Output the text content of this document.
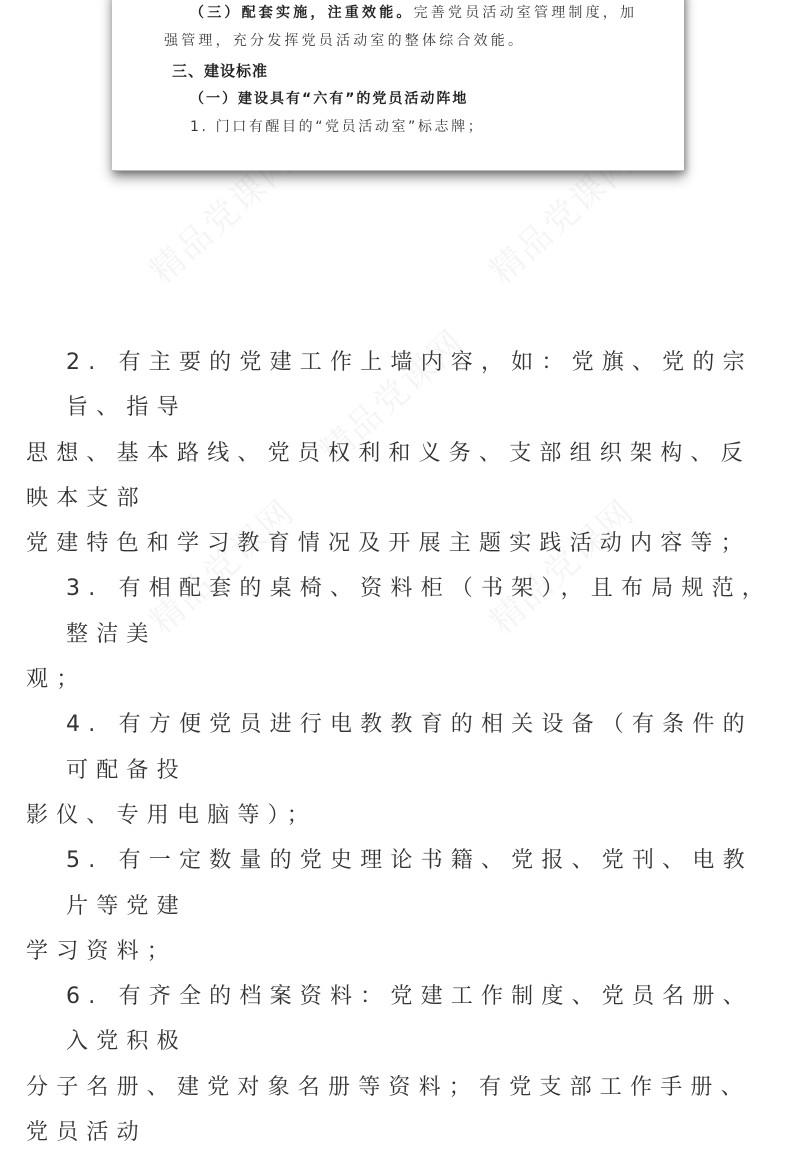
精品党课网	精品党课网
精品党课网
精品党课网	精品党课网
（三）配套实施，注重效能。完善党员活动室管理制度，加
强管理，充分发挥党员活动室的整体综合效能。
三、建设标准
（一）建设具有“六有”的党员活动阵地
1. 门口有醒目的“党员活动室”标志牌；

2. 有主要的党建工作上墙内容，如：党旗、党的宗旨、指导

思想、基本路线、党员权利和义务、支部组织架构、反映本支部

党建特色和学习教育情况及开展主题实践活动内容等；

3. 有相配套的桌椅、资料柜（书架），且布局规范，整洁美

观；

4. 有方便党员进行电教教育的相关设备（有条件的可配备投

影仪、专用电脑等）；

5. 有一定数量的党史理论书籍、党报、党刊、电教片等党建

学习资料；

6. 有齐全的档案资料：党建工作制度、党员名册、入党积极

分子名册、建党对象名册等资料；有党支部工作手册、党员活动
